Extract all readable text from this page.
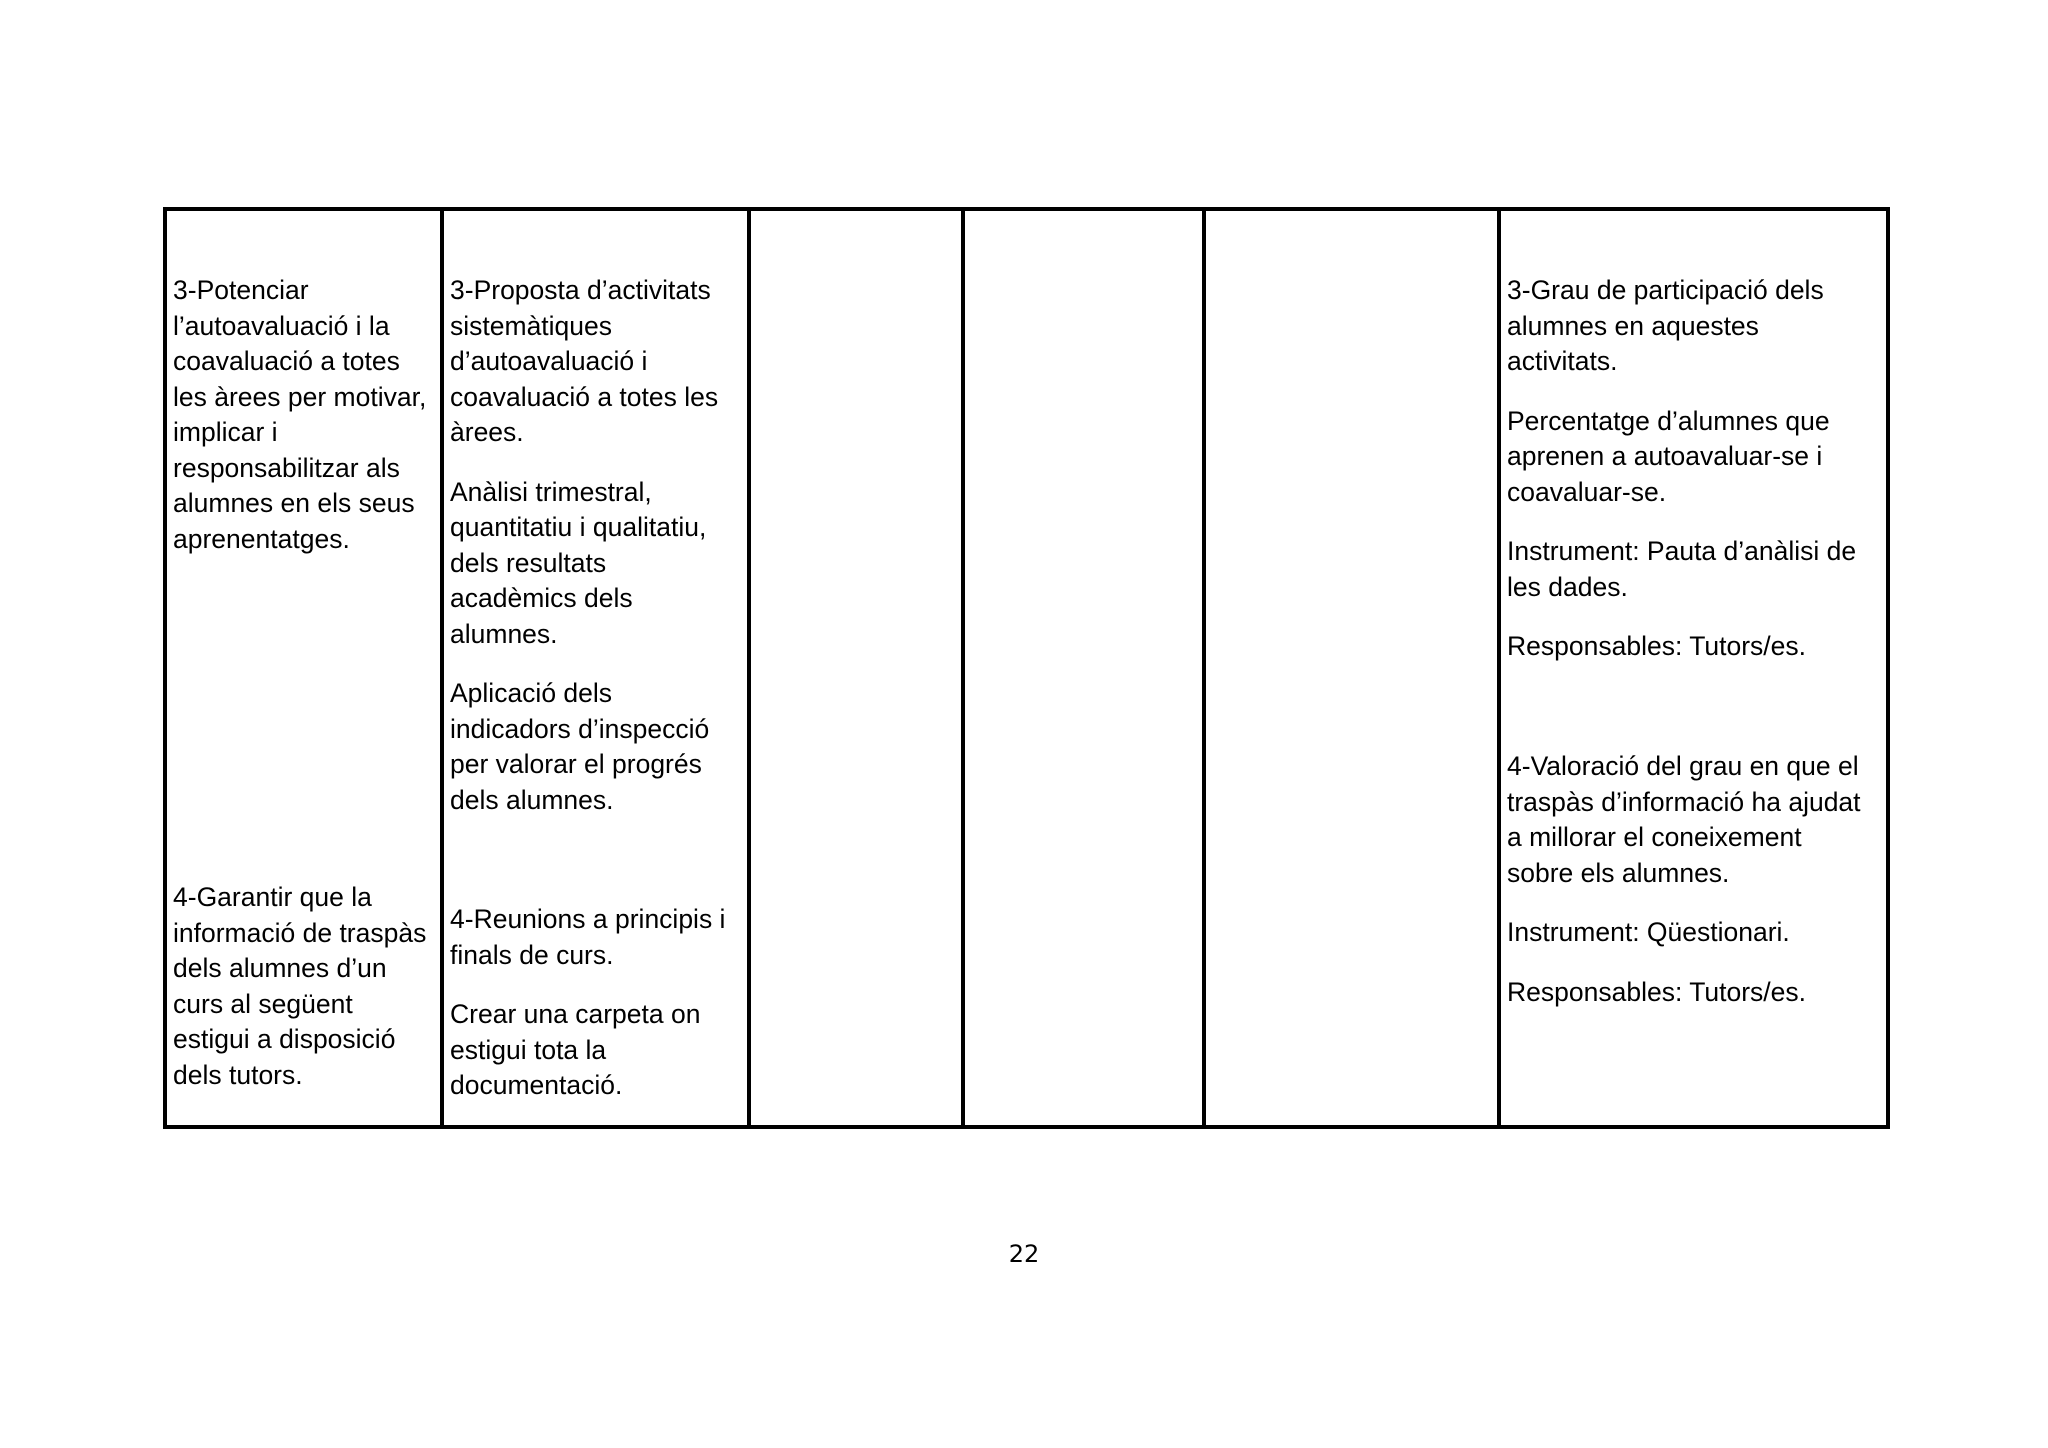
3-Potenciar
l’autoavaluació i la
coavaluació a totes
les àrees per motivar,
implicar i
responsabilitzar als
alumnes en els seus
aprenentatges.

4-Garantir que la
informació de traspàs
dels alumnes d’un
curs al següent
estigui a disposició
dels tutors.

3-Proposta d’activitats
sistemàtiques
d’autoavaluació i
coavaluació a totes les
àrees.

Anàlisi trimestral,
quantitatiu i qualitatiu,
dels resultats
acadèmics dels
alumnes.

Aplicació dels
indicadors d’inspecció
per valorar el progrés
dels alumnes.

4-Reunions a principis i
finals de curs.

Crear una carpeta on
estigui tota la
documentació.

3-Grau de participació dels
alumnes en aquestes
activitats.

Percentatge d’alumnes que
aprenen a autoavaluar-se i
coavaluar-se.

Instrument: Pauta d’anàlisi de
les dades.

Responsables: Tutors/es.

4-Valoració del grau en que el
traspàs d’informació ha ajudat
a millorar el coneixement
sobre els alumnes.

Instrument: Qüestionari.

Responsables: Tutors/es.

22
